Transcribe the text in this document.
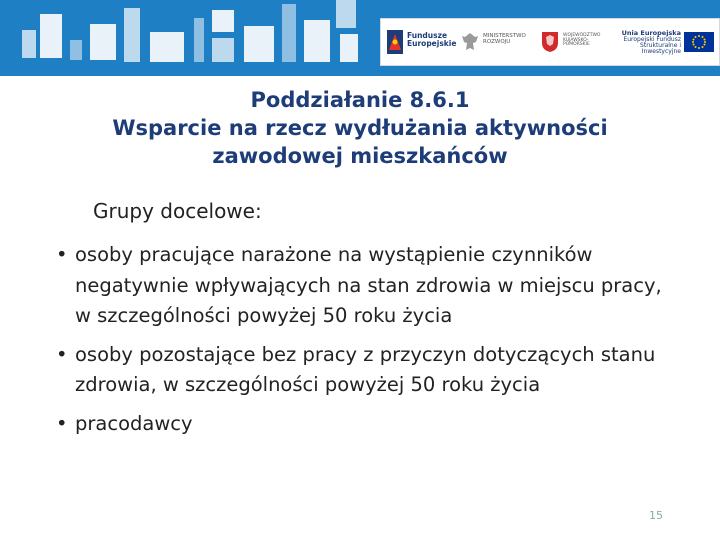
Fundusze
Europejskie
MINISTERSTWO
ROZWOJU
WOJEWÓDZTWO
KUJAWSKO-POMORSKIE
Unia Europejska
Europejski Fundusz
Strukturalne i Inwestycyjne
Poddziałanie 8.6.1
Wsparcie na rzecz wydłużania aktywności
zawodowej mieszkańców
Grupy docelowe:
• osoby pracujące narażone na wystąpienie czynników negatywnie wpływających na stan zdrowia w miejscu pracy, w szczególności powyżej 50 roku życia
• osoby pozostające bez pracy z przyczyn dotyczących stanu zdrowia, w szczególności powyżej 50 roku życia
• pracodawcy
15
